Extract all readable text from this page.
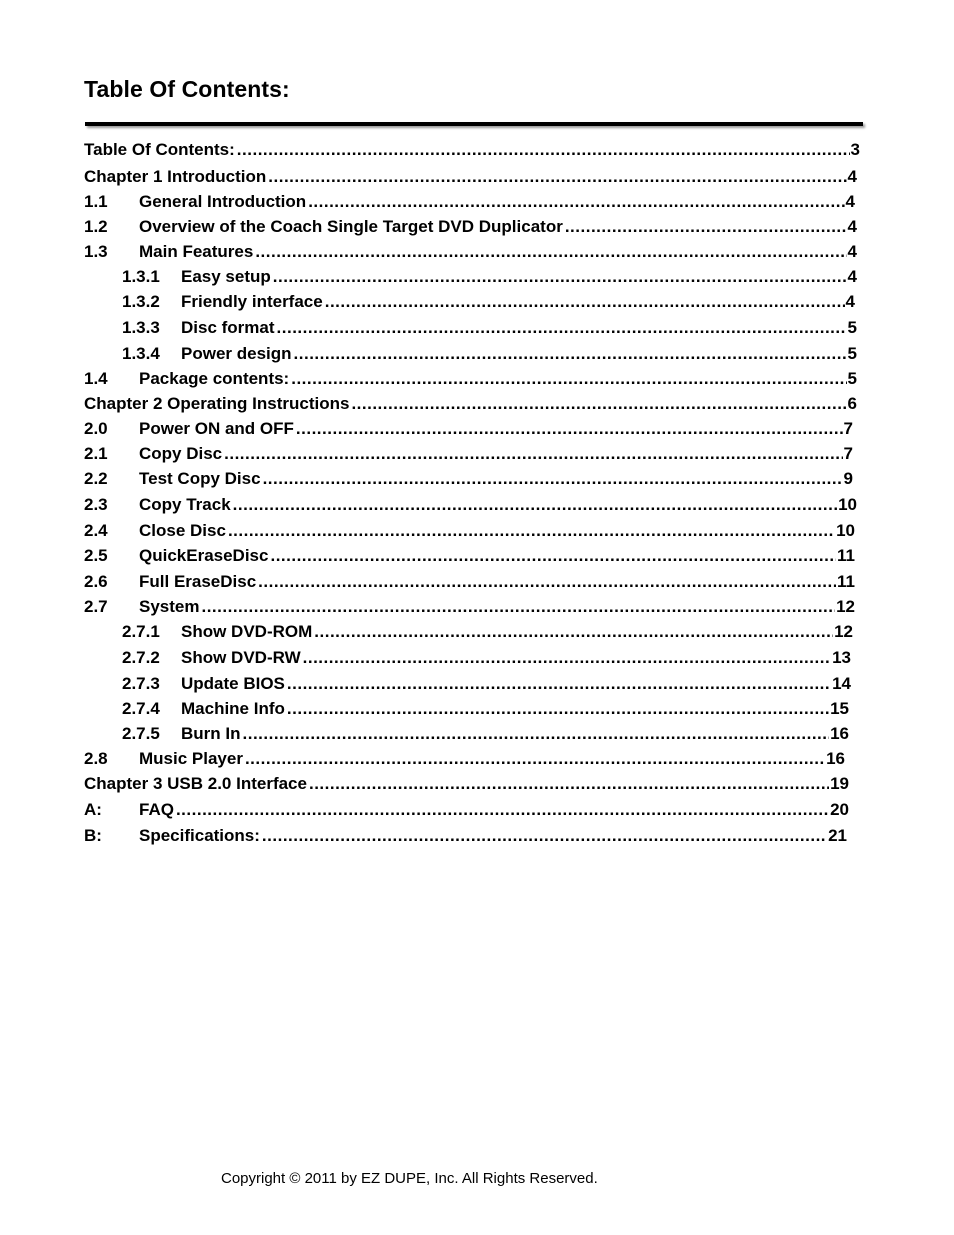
Table Of Contents:
Table Of Contents: .....	3
Chapter 1 Introduction .....	4
1.1	General Introduction .....	4
1.2	Overview of the Coach Single Target DVD Duplicator .....	4
1.3	Main Features .....	4
1.3.1	Easy setup .....	4
1.3.2	Friendly interface .....	4
1.3.3	Disc format .....	5
1.3.4	Power design .....	5
1.4	Package contents: .....	5
Chapter 2 Operating Instructions .....	6
2.0	Power ON and OFF .....	7
2.1	Copy Disc .....	7
2.2	Test Copy Disc .....	9
2.3	Copy Track .....	10
2.4	Close Disc .....	10
2.5	QuickEraseDisc .....	11
2.6	Full EraseDisc .....	11
2.7	System .....	12
2.7.1	Show DVD-ROM .....	12
2.7.2	Show DVD-RW .....	13
2.7.3	Update BIOS .....	14
2.7.4	Machine Info .....	15
2.7.5	Burn In .....	16
2.8	Music Player .....	16
Chapter 3 USB 2.0 Interface .....	19
A:	FAQ .....	20
B:	Specifications: .....	21

Copyright © 2011 by EZ DUPE, Inc. All Rights Reserved.
